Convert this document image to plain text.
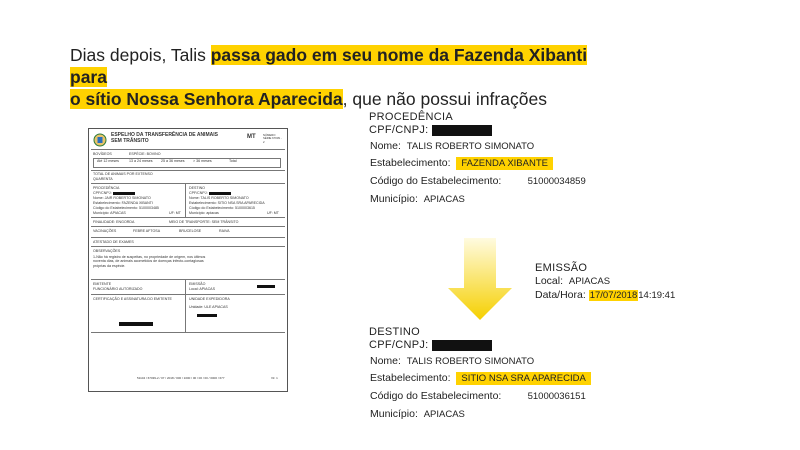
Dias depois, Talis passa gado em seu nome da Fazenda Xibanti para
o sítio Nossa Senhora Aparecida, que não possui infrações
ESPELHO DA TRANSFERÊNCIA DE ANIMAIS SEM TRÂNSITO
MT	NÚMERO SÉRIE 67039 - 2
BOVÍDEOS	ESPÉCIE: BOVINO
Até 12 meses	13 a 24 meses 25 a 36 meses > 36 meses	Total
TOTAL DE ANIMAIS POR EXTENSO
QUARENTA
PROCEDÊNCIA
CPF/CNPJ:
Nome: JAIR ROBERTO SIMONATO
Estabelecimento: FAZENDA XIBANTI
Código do Estabelecimento: 5100003485
Município: APIACAS	UF: MT
DESTINO
CPF/CNPJ:
Nome: TALIS ROBERTO SIMONATO
Estabelecimento: SITIO NSA SRA APARECIDA
Código do Estabelecimento: 5100003615
Município: apiacas	UF: MT
FINALIDADE: ENGORDA	MEIO DE TRANSPORTE: SEM TRÂNSITO
VACINAÇÕES	FEBRE AFTOSA	BRUCELOSE	RAIVA
ATESTADO DE EXAMES
OBSERVAÇÕES
1-Não há registro de suspeitas, no propriedade de origem, nos últimos noventa dias, de animais acometidos de doenças infecto-contagiosas próprias da espécie.
EMITENTE
FUNCIONÁRIO AUTORIZADO
EMISSÃO
Local: APIACAS
CERTIFICAÇÃO E ASSINATURA DO EMITENTE	UNIDADE EXPEDIDORA
Unidade: ULE APIACAS
51104 / 67039-2 / 07 / 2018 / 000 / 1000 / 00 / 00 / 00 / 0000 / 677	Vlr. 1
PROCEDÊNCIA
CPF/CNPJ:
Nome: TALIS ROBERTO SIMONATO
Estabelecimento: FAZENDA XIBANTE
Código do Estabelecimento:	51000034859
Município: APIACAS
EMISSÃO
Local: APIACAS
Data/Hora: 17/07/201814:19:41
DESTINO
CPF/CNPJ:
Nome: TALIS ROBERTO SIMONATO
Estabelecimento: SITIO NSA SRA APARECIDA
Código do Estabelecimento:	51000036151
Município: APIACAS
